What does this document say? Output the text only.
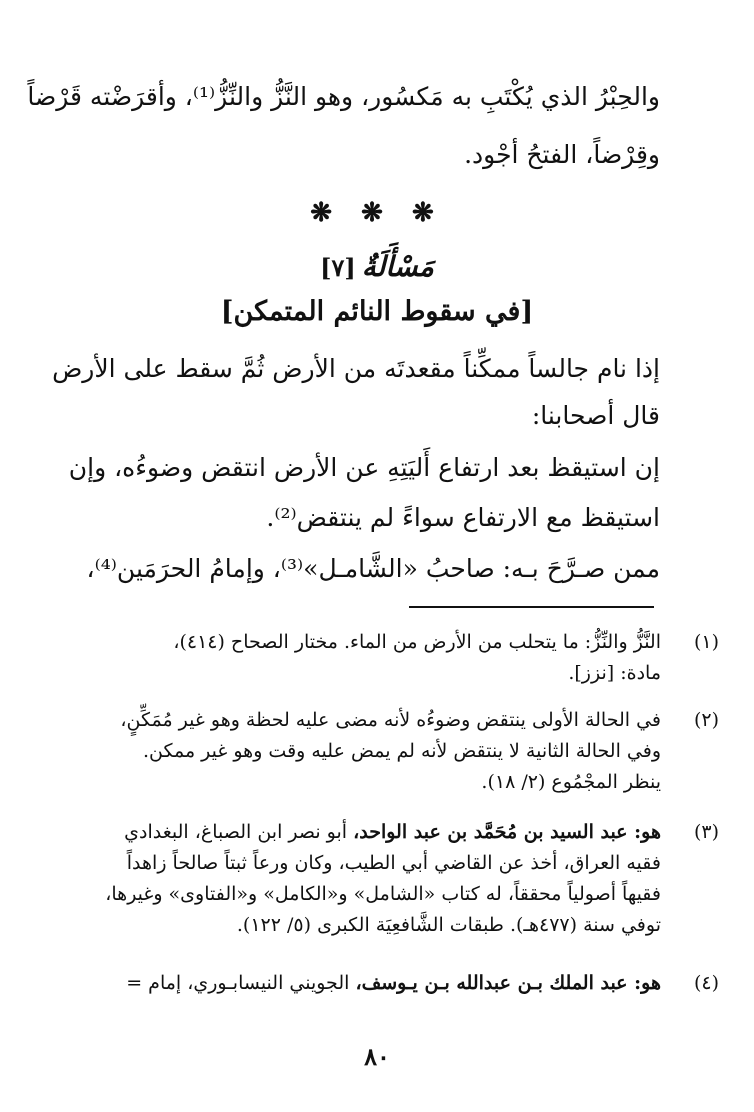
والحِبْرُ الذي يُكْتَبِ به مَكسُور، وهو النَّزُّ والنِّزُّ⁽¹⁾، وأقرَضْته قَرْضاً
وقِرْضاً، الفتحُ أجْود.
❋ ❋ ❋
مَسْأَلَةٌ[٧]
[في سقوط النائم المتمكن]
إذا نام جالساً ممكِّناً مقعدتَه من الأرض ثُمَّ سقط على الأرض
قال أصحابنا:
إن استيقظ بعد ارتفاع أَليَتِهِ عن الأرض انتقض وضوءُه، وإن
استيقظ مع الارتفاع سواءً لم ينتقض⁽²⁾.
ممن صـرَّحَ بـه: صاحبُ «الشَّامـل»⁽³⁾، وإمامُ الحرَمَين⁽⁴⁾،
(١)
النَّزُّ والنِّزُّ: ما يتحلب من الأرض من الماء. مختار الصحاح (٤١٤)،
مادة: [نزز].
(٢)
في الحالة الأولى ينتقض وضوءُه لأنه مضى عليه لحظة وهو غير مُمَكِّنٍ،
وفي الحالة الثانية لا ينتقض لأنه لم يمض عليه وقت وهو غير ممكن.
ينظر المجْمُوع (٢/ ١٨).
(٣)
هو: عبد السيد بن مُحَمَّد بن عبد الواحد، أبو نصر ابن الصباغ، البغدادي
فقيه العراق، أخذ عن القاضي أبي الطيب، وكان ورعاً ثبتاً صالحاً زاهداً
فقيهاً أصولياً محققاً، له كتاب «الشامل» و«الكامل» و«الفتاوى» وغيرها،
توفي سنة (٤٧٧هـ). طبقات الشَّافعِيَة الكبرى (٥/ ١٢٢).
(٤)
هو: عبد الملك بـن عبدالله بـن يـوسف، الجويني النيسابـوري، إمام =
٨٠
